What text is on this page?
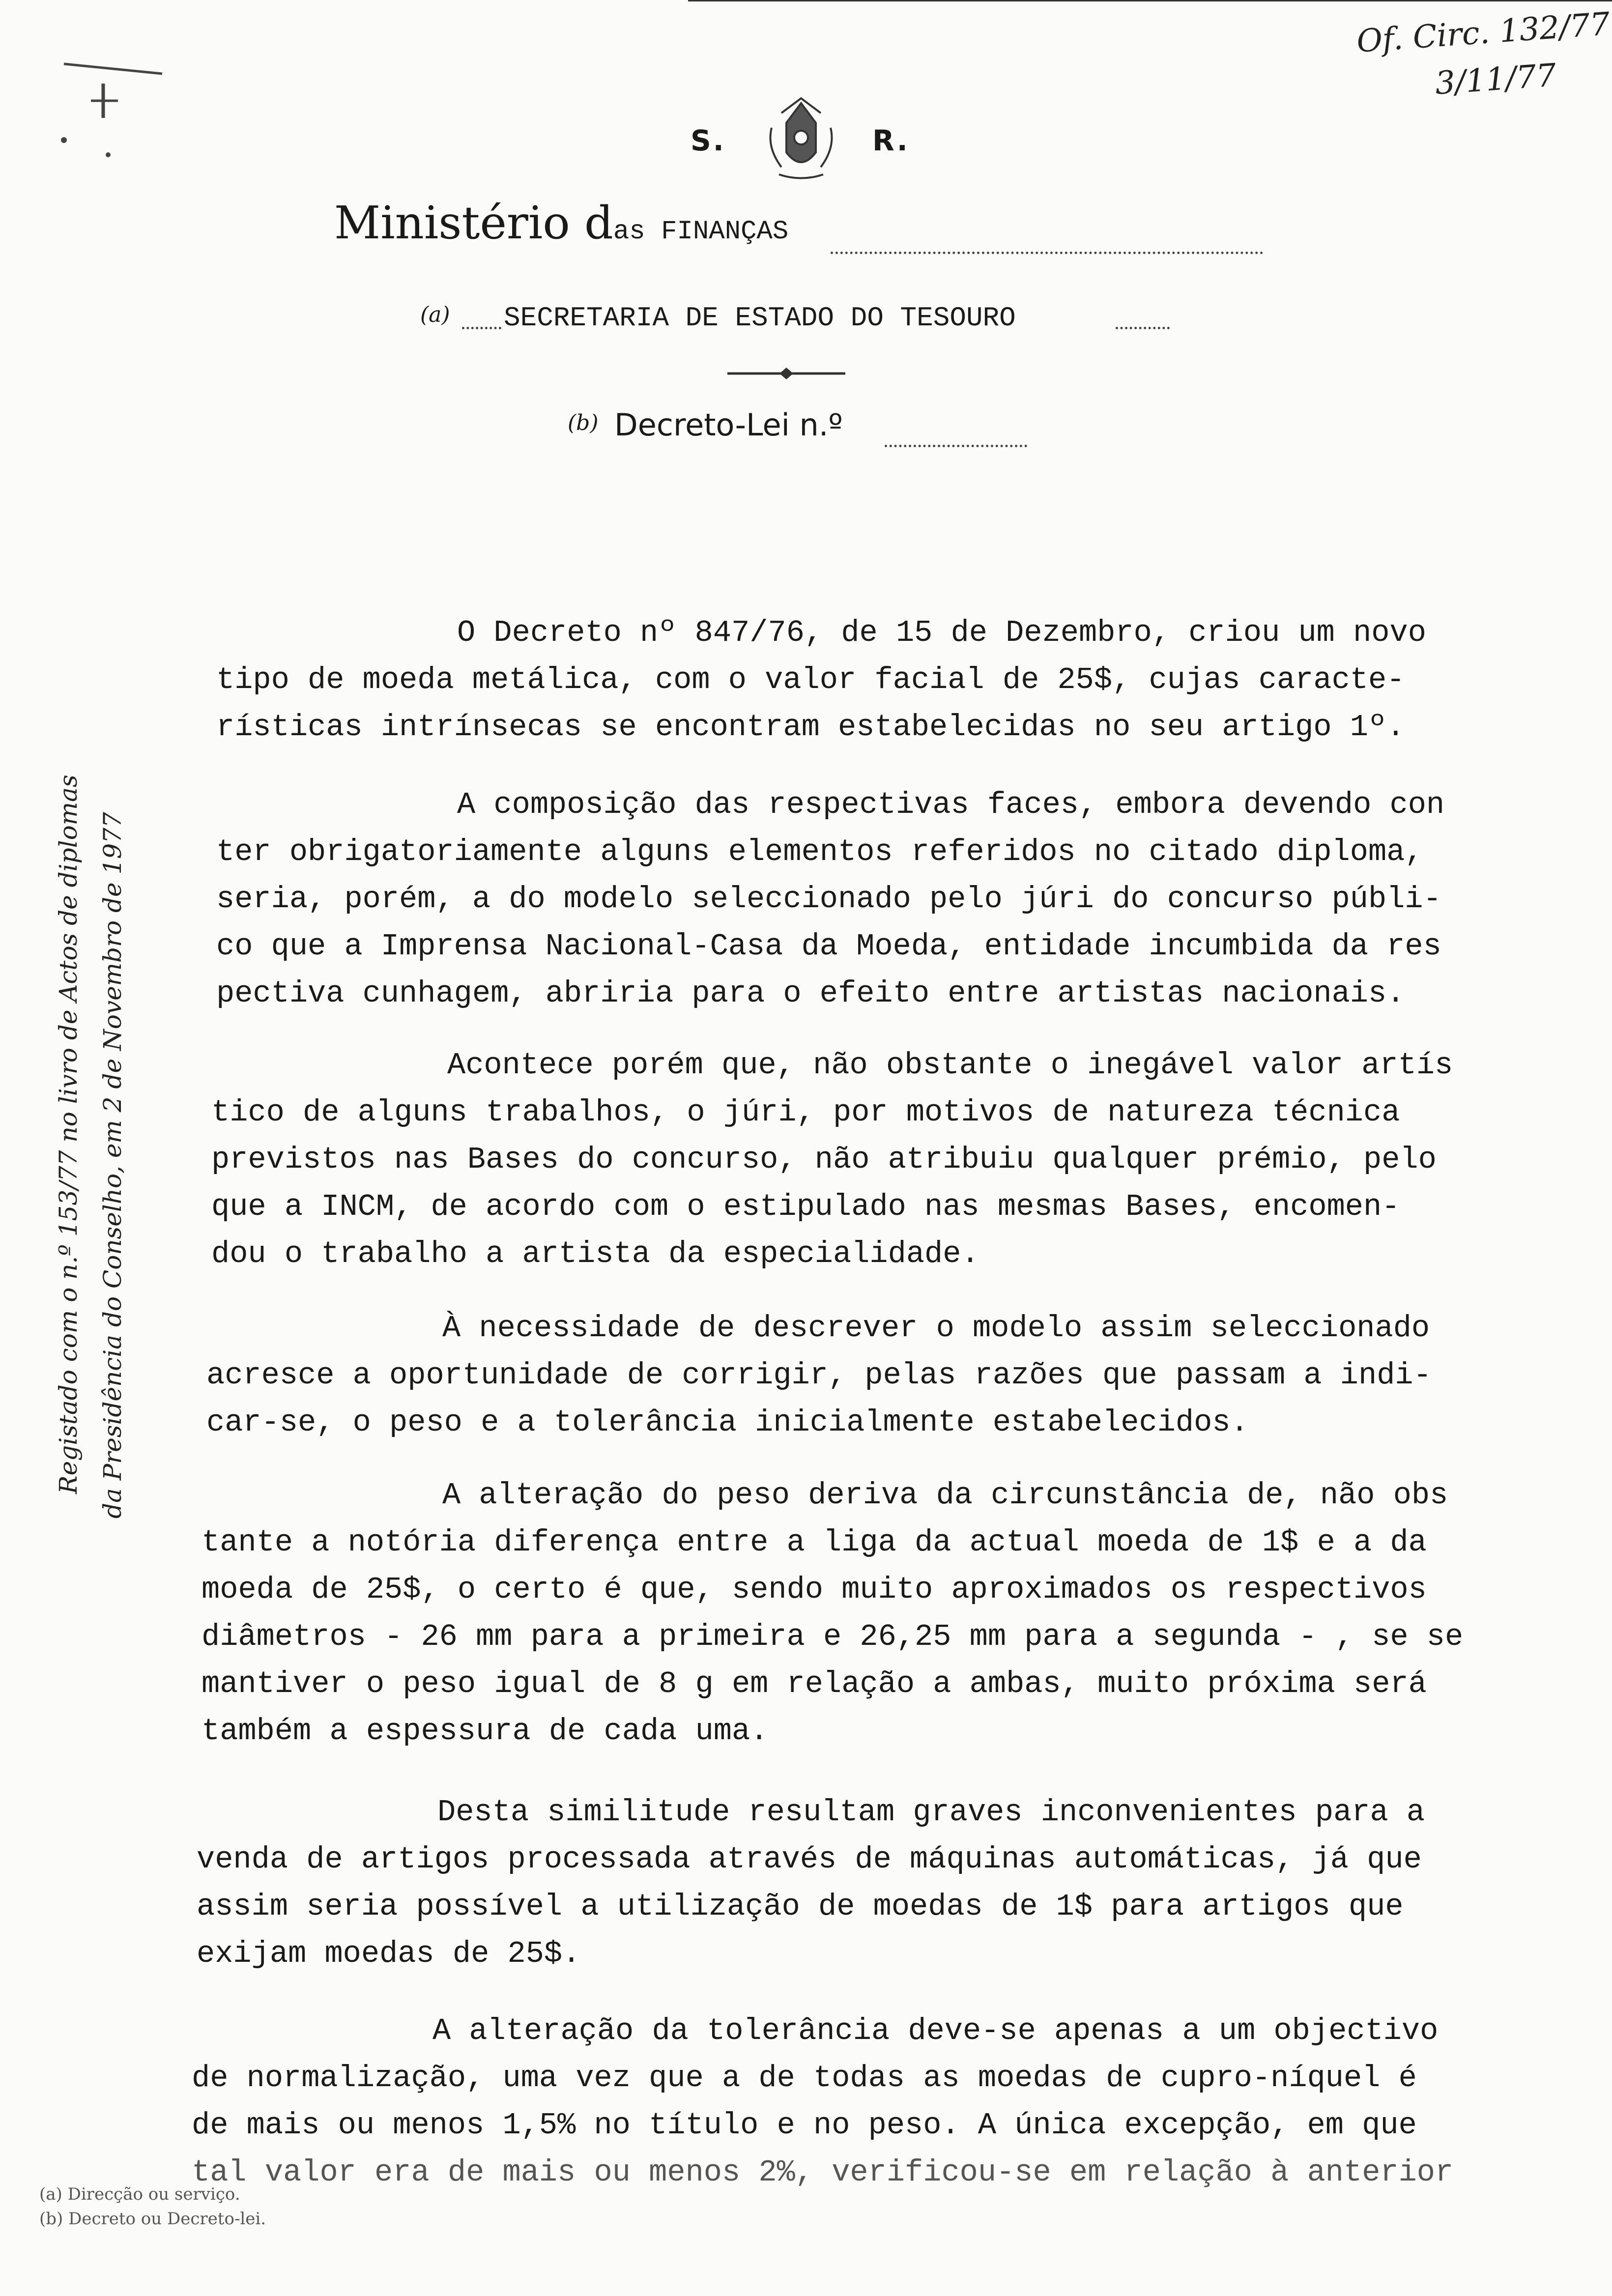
Of. Circ. 132/77
3/11/77
S.	R.
Ministério das FINANÇAS
(a) SECRETARIA DE ESTADO DO TESOURO
(b) Decreto-Lei n.º
Registado com o n.º 153/77 no livro de Actos de diplomas da Presidência do Conselho, em 2 de Novembro de 1977
O Decreto nº 847/76, de 15 de Dezembro, criou um novo
tipo de moeda metálica, com o valor facial de 25$, cujas caracte-
rísticas intrínsecas se encontram estabelecidas no seu artigo 1º.
A composição das respectivas faces, embora devendo con
ter obrigatoriamente alguns elementos referidos no citado diploma,
seria, porém, a do modelo seleccionado pelo júri do concurso públi-
co que a Imprensa Nacional-Casa da Moeda, entidade incumbida da res
pectiva cunhagem, abriria para o efeito entre artistas nacionais.
Acontece porém que, não obstante o inegável valor artís
tico de alguns trabalhos, o júri, por motivos de natureza técnica
previstos nas Bases do concurso, não atribuiu qualquer prémio, pelo
que a INCM, de acordo com o estipulado nas mesmas Bases, encomen-
dou o trabalho a artista da especialidade.
À necessidade de descrever o modelo assim seleccionado
acresce a oportunidade de corrigir, pelas razões que passam a indi-
car-se, o peso e a tolerância inicialmente estabelecidos.
A alteração do peso deriva da circunstância de, não obs
tante a notória diferença entre a liga da actual moeda de 1$ e a da
moeda de 25$, o certo é que, sendo muito aproximados os respectivos
diâmetros - 26 mm para a primeira e 26,25 mm para a segunda - , se se
mantiver o peso igual de 8 g em relação a ambas, muito próxima será
também a espessura de cada uma.
Desta similitude resultam graves inconvenientes para a
venda de artigos processada através de máquinas automáticas, já que
assim seria possível a utilização de moedas de 1$ para artigos que
exijam moedas de 25$.
A alteração da tolerância deve-se apenas a um objectivo
de normalização, uma vez que a de todas as moedas de cupro-níquel é
de mais ou menos 1,5% no título e no peso. A única excepção, em que
tal valor era de mais ou menos 2%, verificou-se em relação à anterior
(a) Direcção ou serviço.
(b) Decreto ou Decreto-lei.
